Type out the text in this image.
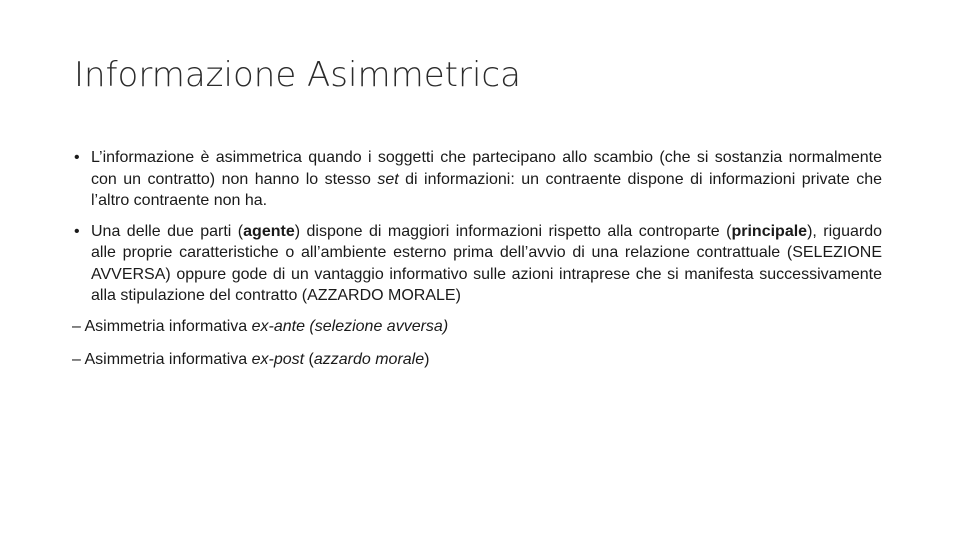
Informazione Asimmetrica
• L’informazione è asimmetrica quando i soggetti che partecipano allo scambio (che si sostanzia normalmente con un contratto) non hanno lo stesso set di informazioni: un contraente dispone di informazioni private che l’altro contraente non ha.
• Una delle due parti (agente) dispone di maggiori informazioni rispetto alla controparte (principale), riguardo alle proprie caratteristiche o all’ambiente esterno prima dell’avvio di una relazione contrattuale (SELEZIONE AVVERSA) oppure gode di un vantaggio informativo sulle azioni intraprese che si manifesta successivamente alla stipulazione del contratto (AZZARDO MORALE)
– Asimmetria informativa ex-ante (selezione avversa)
– Asimmetria informativa ex-post (azzardo morale)
